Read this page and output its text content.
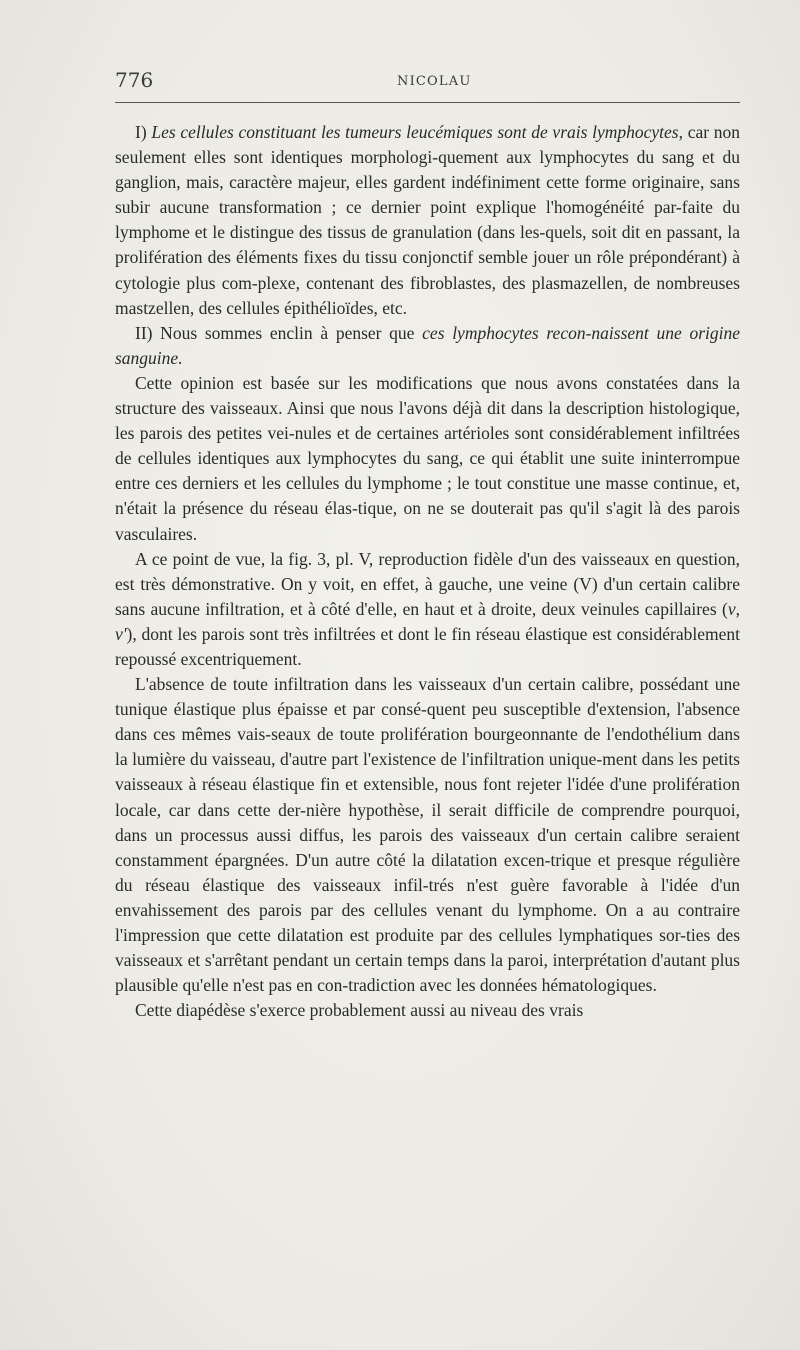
776	NICOLAU

I) Les cellules constituant les tumeurs leucémiques sont de vrais lymphocytes, car non seulement elles sont identiques morphologi-quement aux lymphocytes du sang et du ganglion, mais, caractère majeur, elles gardent indéfiniment cette forme originaire, sans subir aucune transformation ; ce dernier point explique l'homogénéité par-faite du lymphome et le distingue des tissus de granulation (dans les-quels, soit dit en passant, la prolifération des éléments fixes du tissu conjonctif semble jouer un rôle prépondérant) à cytologie plus com-plexe, contenant des fibroblastes, des plasmazellen, de nombreuses mastzellen, des cellules épithélioïdes, etc.

II) Nous sommes enclin à penser que ces lymphocytes recon-naissent une origine sanguine.

Cette opinion est basée sur les modifications que nous avons constatées dans la structure des vaisseaux. Ainsi que nous l'avons déjà dit dans la description histologique, les parois des petites vei-nules et de certaines artérioles sont considérablement infiltrées de cellules identiques aux lymphocytes du sang, ce qui établit une suite ininterrompue entre ces derniers et les cellules du lymphome ; le tout constitue une masse continue, et, n'était la présence du réseau élas-tique, on ne se douterait pas qu'il s'agit là des parois vasculaires.

A ce point de vue, la fig. 3, pl. V, reproduction fidèle d'un des vaisseaux en question, est très démonstrative. On y voit, en effet, à gauche, une veine (V) d'un certain calibre sans aucune infiltration, et à côté d'elle, en haut et à droite, deux veinules capillaires (v, v'), dont les parois sont très infiltrées et dont le fin réseau élastique est considérablement repoussé excentriquement.

L'absence de toute infiltration dans les vaisseaux d'un certain calibre, possédant une tunique élastique plus épaisse et par consé-quent peu susceptible d'extension, l'absence dans ces mêmes vais-seaux de toute prolifération bourgeonnante de l'endothélium dans la lumière du vaisseau, d'autre part l'existence de l'infiltration unique-ment dans les petits vaisseaux à réseau élastique fin et extensible, nous font rejeter l'idée d'une prolifération locale, car dans cette der-nière hypothèse, il serait difficile de comprendre pourquoi, dans un processus aussi diffus, les parois des vaisseaux d'un certain calibre seraient constamment épargnées. D'un autre côté la dilatation excen-trique et presque régulière du réseau élastique des vaisseaux infil-trés n'est guère favorable à l'idée d'un envahissement des parois par des cellules venant du lymphome. On a au contraire l'impression que cette dilatation est produite par des cellules lymphatiques sor-ties des vaisseaux et s'arrêtant pendant un certain temps dans la paroi, interprétation d'autant plus plausible qu'elle n'est pas en con-tradiction avec les données hématologiques.

Cette diapédèse s'exerce probablement aussi au niveau des vrais
